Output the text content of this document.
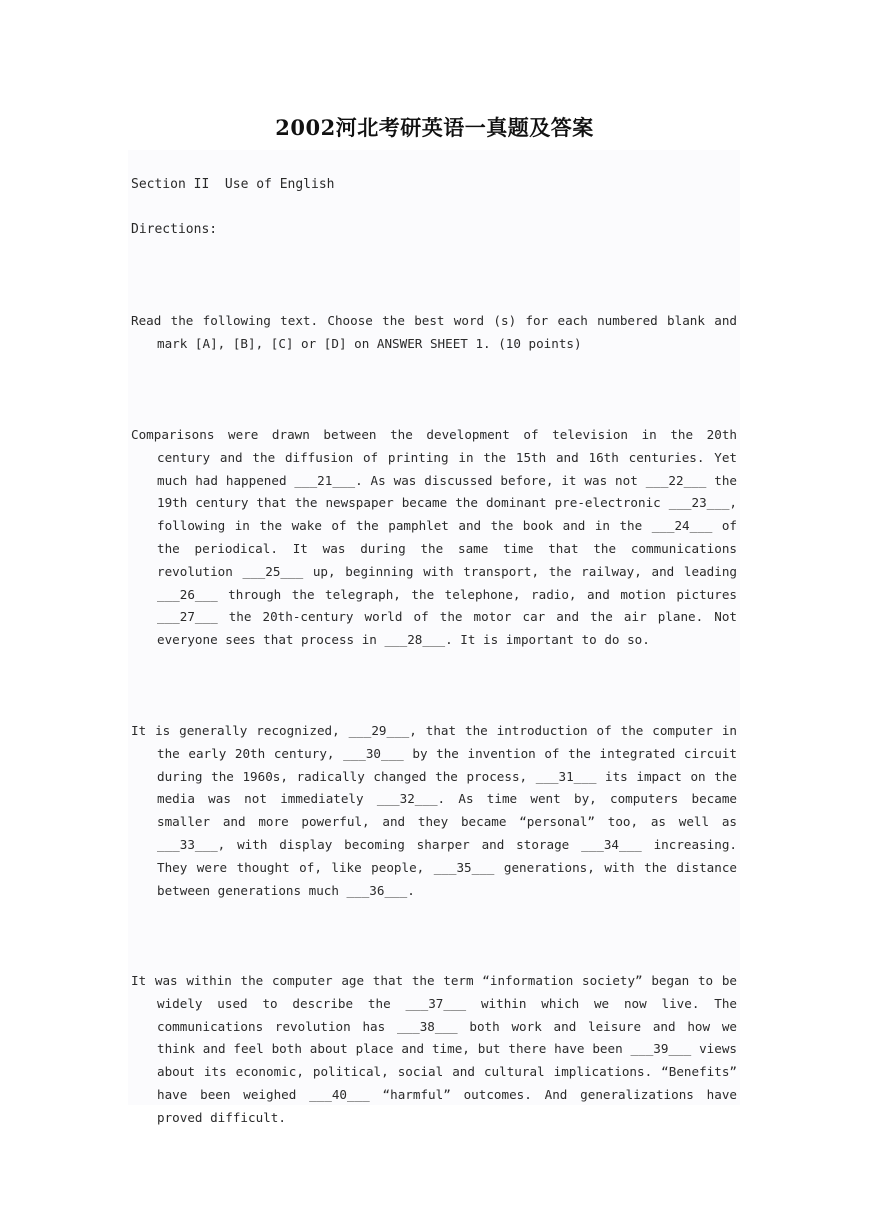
2002河北考研英语一真题及答案
Section II  Use of English
Directions:

Read the following text. Choose the best word (s) for each numbered blank and mark [A], [B], [C] or [D] on ANSWER SHEET 1. (10 points)

Comparisons were drawn between the development of television in the 20th century and the diffusion of printing in the 15th and 16th centuries. Yet much had happened ___21___. As was discussed before, it was not ___22___ the 19th century that the newspaper became the dominant pre-electronic ___23___, following in the wake of the pamphlet and the book and in the ___24___ of the periodical. It was during the same time that the communications revolution ___25___ up, beginning with transport, the railway, and leading ___26___ through the telegraph, the telephone, radio, and motion pictures ___27___ the 20th-century world of the motor car and the air plane. Not everyone sees that process in ___28___. It is important to do so.

It is generally recognized, ___29___, that the introduction of the computer in the early 20th century, ___30___ by the invention of the integrated circuit during the 1960s, radically changed the process, ___31___ its impact on the media was not immediately ___32___. As time went by, computers became smaller and more powerful, and they became “personal” too, as well as ___33___, with display becoming sharper and storage ___34___ increasing. They were thought of, like people, ___35___ generations, with the distance between generations much ___36___.

It was within the computer age that the term “information society” began to be widely used to describe the ___37___ within which we now live. The communications revolution has ___38___ both work and leisure and how we think and feel both about place and time, but there have been ___39___ views about its economic, political, social and cultural implications. “Benefits” have been weighed ___40___ “harmful” outcomes. And generalizations have proved difficult.
